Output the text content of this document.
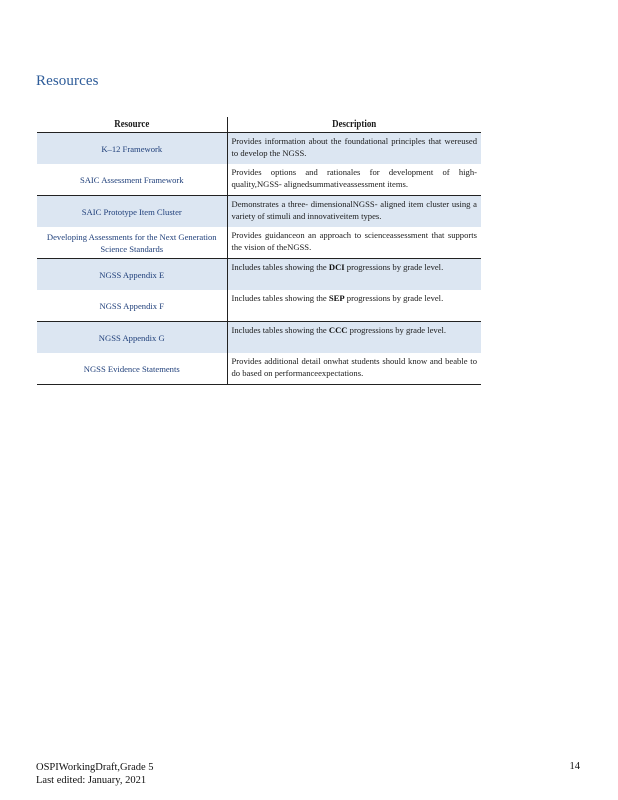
Resources
Resource	Description
K–12 Framework	Provides information about the foundational principles that wereused to develop the NGSS.
SAIC Assessment Framework	Provides options and rationales for development of high-quality,NGSS- alignedsummativeassessment items.
SAIC Prototype Item Cluster	Demonstrates a three- dimensionalNGSS- aligned item cluster using a variety of stimuli and innovativeitem types.
Developing Assessments for the Next Generation Science Standards	Provides guidanceon an approach to scienceassessment that supports the vision of theNGSS.
NGSS Appendix E	Includes tables showing the DCI progressions by grade level.
NGSS Appendix F	Includes tables showing the SEP progressions by grade level.
NGSS Appendix G	Includes tables showing the CCC progressions by grade level.
NGSS Evidence Statements	Provides additional detail onwhat students should know and beable to do based on performanceexpectations.
OSPIWorkingDraft,Grade 5
Last edited: January, 2021
14
